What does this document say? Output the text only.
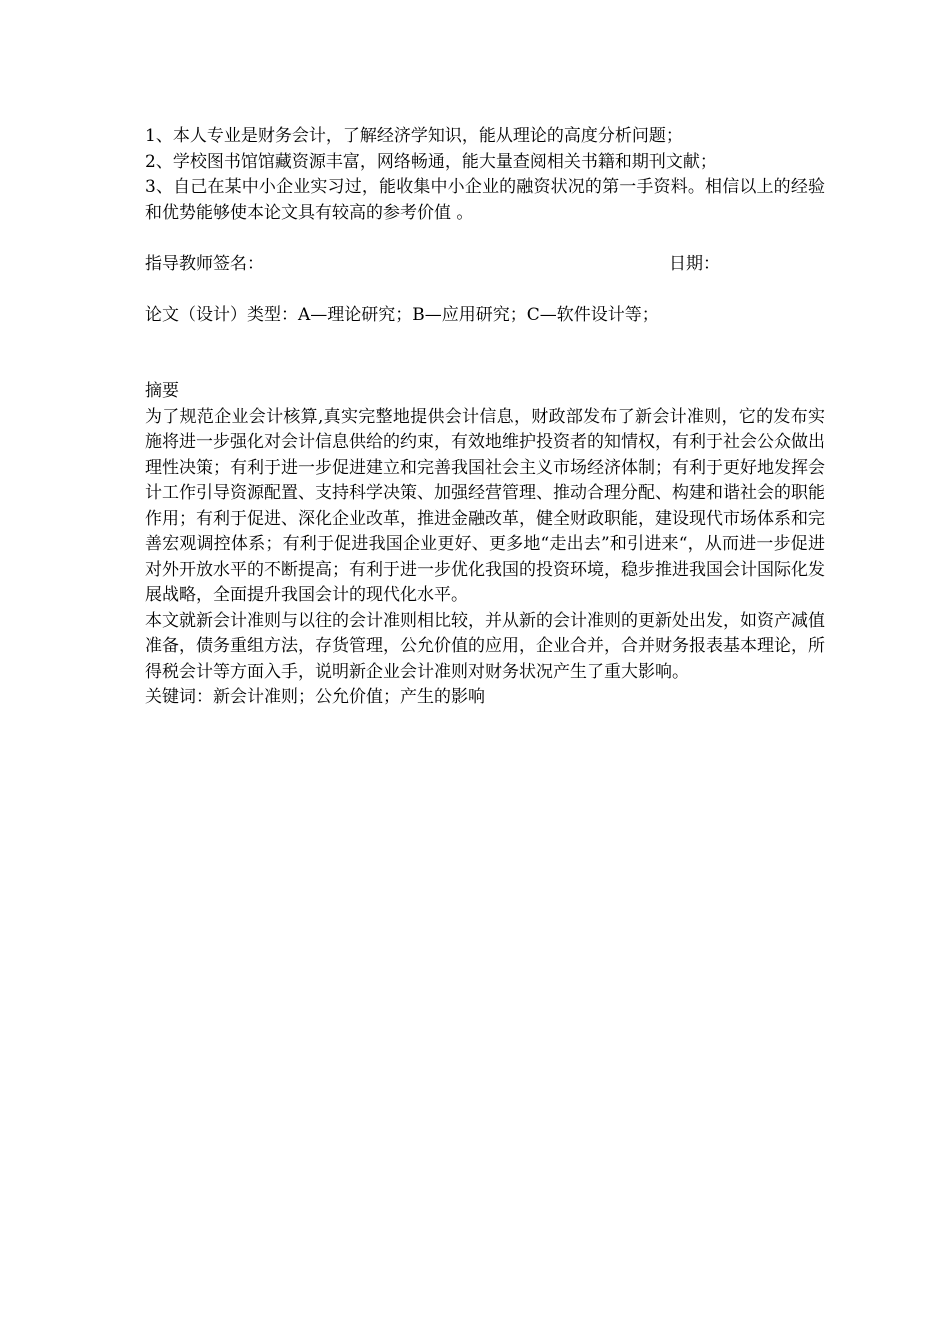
1、本人专业是财务会计，了解经济学知识，能从理论的高度分析问题；
2、学校图书馆馆藏资源丰富，网络畅通，能大量查阅相关书籍和期刊文献；
3、自己在某中小企业实习过，能收集中小企业的融资状况的第一手资料。相信以上的经验和优势能够使本论文具有较高的参考价值 。
指导教师签名：	日期：
论文（设计）类型：A—理论研究；B—应用研究；C—软件设计等；
摘要
为了规范企业会计核算,真实完整地提供会计信息，财政部发布了新会计准则，它的发布实施将进一步强化对会计信息供给的约束，有效地维护投资者的知情权，有利于社会公众做出理性决策；有利于进一步促进建立和完善我国社会主义市场经济体制；有利于更好地发挥会计工作引导资源配置、支持科学决策、加强经营管理、推动合理分配、构建和谐社会的职能作用；有利于促进、深化企业改革，推进金融改革，健全财政职能，建设现代市场体系和完善宏观调控体系；有利于促进我国企业更好、更多地“走出去”和引进来“，从而进一步促进对外开放水平的不断提高；有利于进一步优化我国的投资环境，稳步推进我国会计国际化发展战略，全面提升我国会计的现代化水平。
本文就新会计准则与以往的会计准则相比较，并从新的会计准则的更新处出发，如资产减值准备，债务重组方法，存货管理，公允价值的应用，企业合并，合并财务报表基本理论，所得税会计等方面入手，说明新企业会计准则对财务状况产生了重大影响。
关键词：新会计准则；公允价值；产生的影响
